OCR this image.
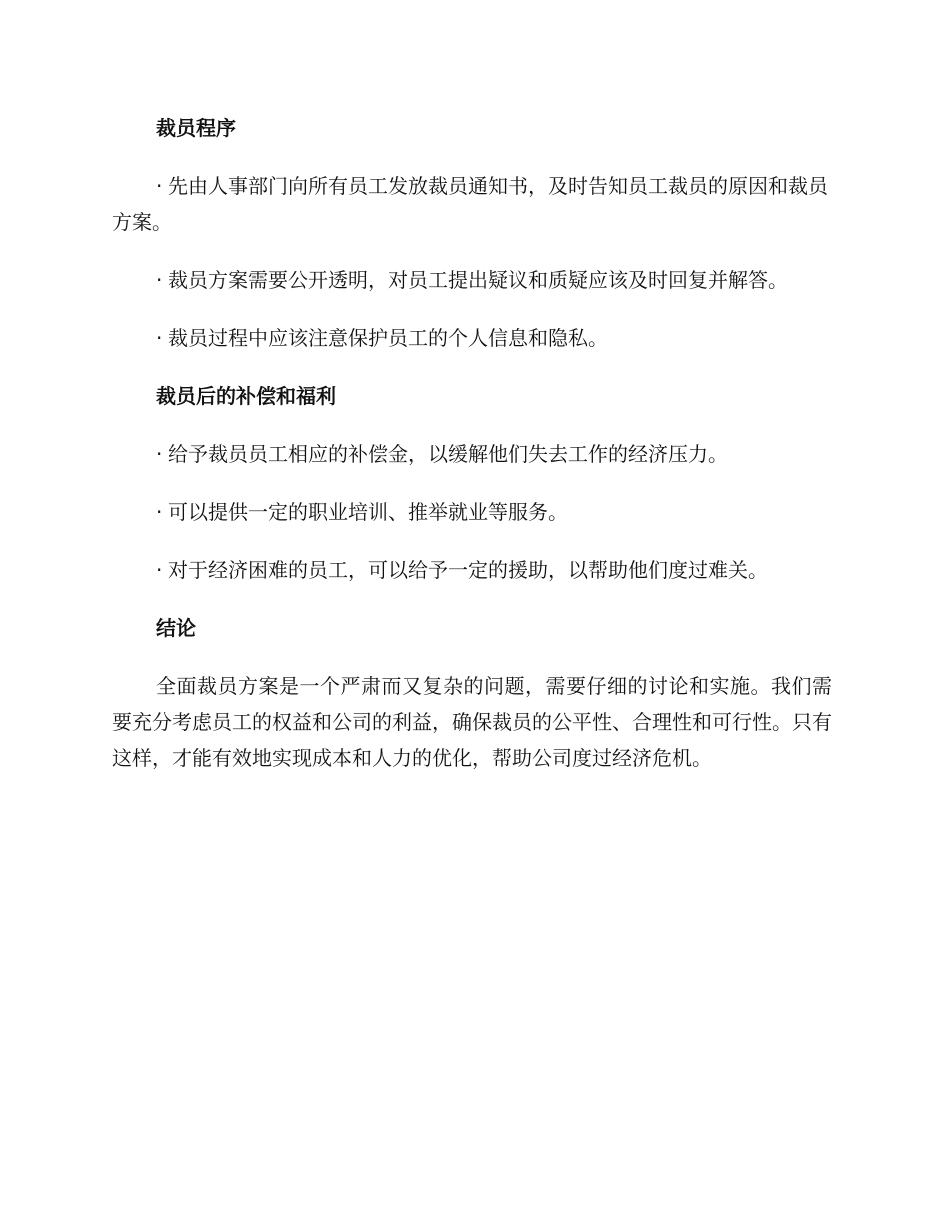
裁员程序

· 先由人事部门向所有员工发放裁员通知书，及时告知员工裁员的原因和裁员方案。

· 裁员方案需要公开透明，对员工提出疑议和质疑应该及时回复并解答。

· 裁员过程中应该注意保护员工的个人信息和隐私。

裁员后的补偿和福利

· 给予裁员员工相应的补偿金，以缓解他们失去工作的经济压力。

· 可以提供一定的职业培训、推举就业等服务。

· 对于经济困难的员工，可以给予一定的援助，以帮助他们度过难关。

结论

全面裁员方案是一个严肃而又复杂的问题，需要仔细的讨论和实施。我们需要充分考虑员工的权益和公司的利益，确保裁员的公平性、合理性和可行性。只有这样，才能有效地实现成本和人力的优化，帮助公司度过经济危机。
